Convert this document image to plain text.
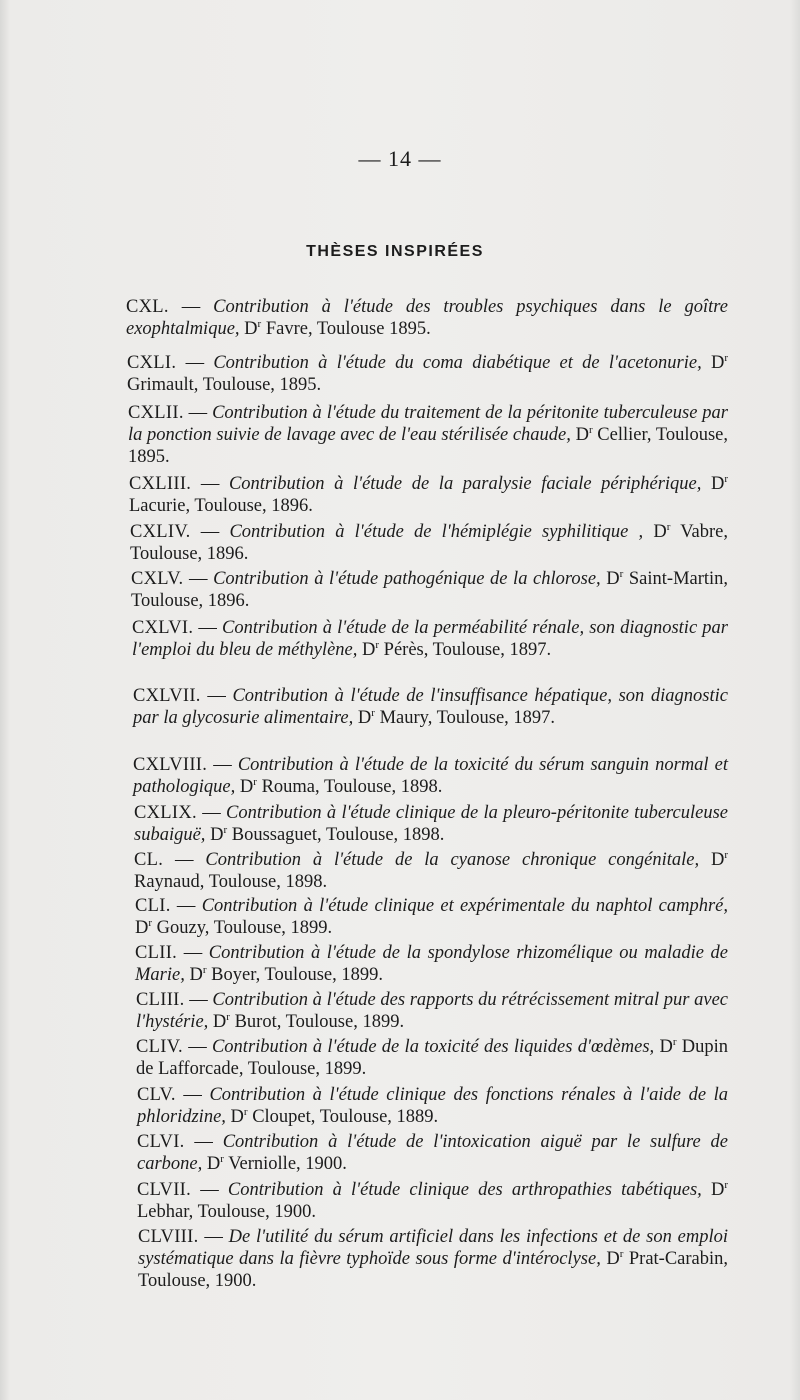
— 14 —
THÈSES INSPIRÉES
CXL. — Contribution à l'étude des troubles psychiques dans le goître exophtalmique, $D^r$ Favre, Toulouse 1895.
CXLI. — Contribution à l'étude du coma diabétique et de l'acetonurie, $D^r$ Grimault, Toulouse, 1895.
CXLII. — Contribution à l'étude du traitement de la péritonite tuberculeuse par la ponction suivie de lavage avec de l'eau stérilisée chaude, $D^r$ Cellier, Toulouse, 1895.
CXLIII. — Contribution à l'étude de la paralysie faciale périphérique, $D^r$ Lacurie, Toulouse, 1896.
CXLIV. — Contribution à l'étude de l'hémiplégie syphilitique , $D^r$ Vabre, Toulouse, 1896.
CXLV. — Contribution à l'étude pathogénique de la chlorose, $D^r$ Saint-Martin, Toulouse, 1896.
CXLVI. — Contribution à l'étude de la perméabilité rénale, son diagnostic par l'emploi du bleu de méthylène, $D^r$ Pérès, Toulouse, 1897.
CXLVII. — Contribution à l'étude de l'insuffisance hépatique, son diagnostic par la glycosurie alimentaire, $D^r$ Maury, Toulouse, 1897.
CXLVIII. — Contribution à l'étude de la toxicité du sérum sanguin normal et pathologique, $D^r$ Rouma, Toulouse, 1898.
CXLIX. — Contribution à l'étude clinique de la pleuro-péritonite tuberculeuse subaiguë, $D^r$ Boussaguet, Toulouse, 1898.
CL. — Contribution à l'étude de la cyanose chronique congénitale, $D^r$ Raynaud, Toulouse, 1898.
CLI. — Contribution à l'étude clinique et expérimentale du naphtol camphré, $D^r$ Gouzy, Toulouse, 1899.
CLII. — Contribution à l'étude de la spondylose rhizomélique ou maladie de Marie, $D^r$ Boyer, Toulouse, 1899.
CLIII. — Contribution à l'étude des rapports du rétrécissement mitral pur avec l'hystérie, $D^r$ Burot, Toulouse, 1899.
CLIV. — Contribution à l'étude de la toxicité des liquides d'œdèmes, $D^r$ Dupin de Lafforcade, Toulouse, 1899.
CLV. — Contribution à l'étude clinique des fonctions rénales à l'aide de la phloridzine, $D^r$ Cloupet, Toulouse, 1889.
CLVI. — Contribution à l'étude de l'intoxication aiguë par le sulfure de carbone, $D^r$ Verniolle, 1900.
CLVII. — Contribution à l'étude clinique des arthropathies tabétiques, $D^r$ Lebhar, Toulouse, 1900.
CLVIII. — De l'utilité du sérum artificiel dans les infections et de son emploi systématique dans la fièvre typhoïde sous forme d'intéroclyse, $D^r$ Prat-Carabin, Toulouse, 1900.
